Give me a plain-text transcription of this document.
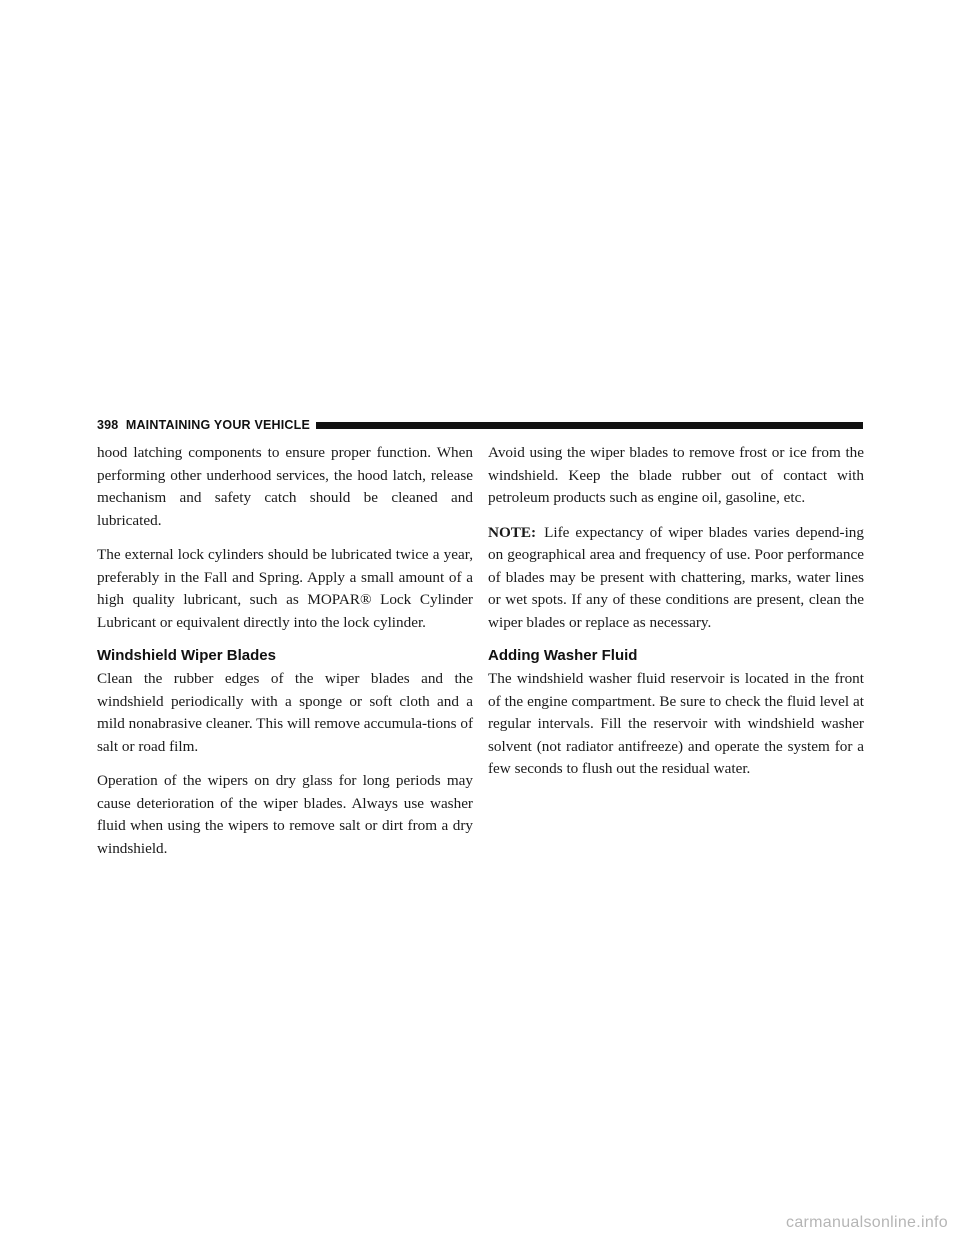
398 MAINTAINING YOUR VEHICLE

hood latching components to ensure proper function. When performing other underhood services, the hood latch, release mechanism and safety catch should be cleaned and lubricated.

The external lock cylinders should be lubricated twice a year, preferably in the Fall and Spring. Apply a small amount of a high quality lubricant, such as MOPAR® Lock Cylinder Lubricant or equivalent directly into the lock cylinder.

Windshield Wiper Blades

Clean the rubber edges of the wiper blades and the windshield periodically with a sponge or soft cloth and a mild nonabrasive cleaner. This will remove accumula-tions of salt or road film.

Operation of the wipers on dry glass for long periods may cause deterioration of the wiper blades. Always use washer fluid when using the wipers to remove salt or dirt from a dry windshield.

Avoid using the wiper blades to remove frost or ice from the windshield. Keep the blade rubber out of contact with petroleum products such as engine oil, gasoline, etc.

NOTE: Life expectancy of wiper blades varies depend-ing on geographical area and frequency of use. Poor performance of blades may be present with chattering, marks, water lines or wet spots. If any of these conditions are present, clean the wiper blades or replace as necessary.

Adding Washer Fluid

The windshield washer fluid reservoir is located in the front of the engine compartment. Be sure to check the fluid level at regular intervals. Fill the reservoir with windshield washer solvent (not radiator antifreeze) and operate the system for a few seconds to flush out the residual water.

carmanualsonline.info
